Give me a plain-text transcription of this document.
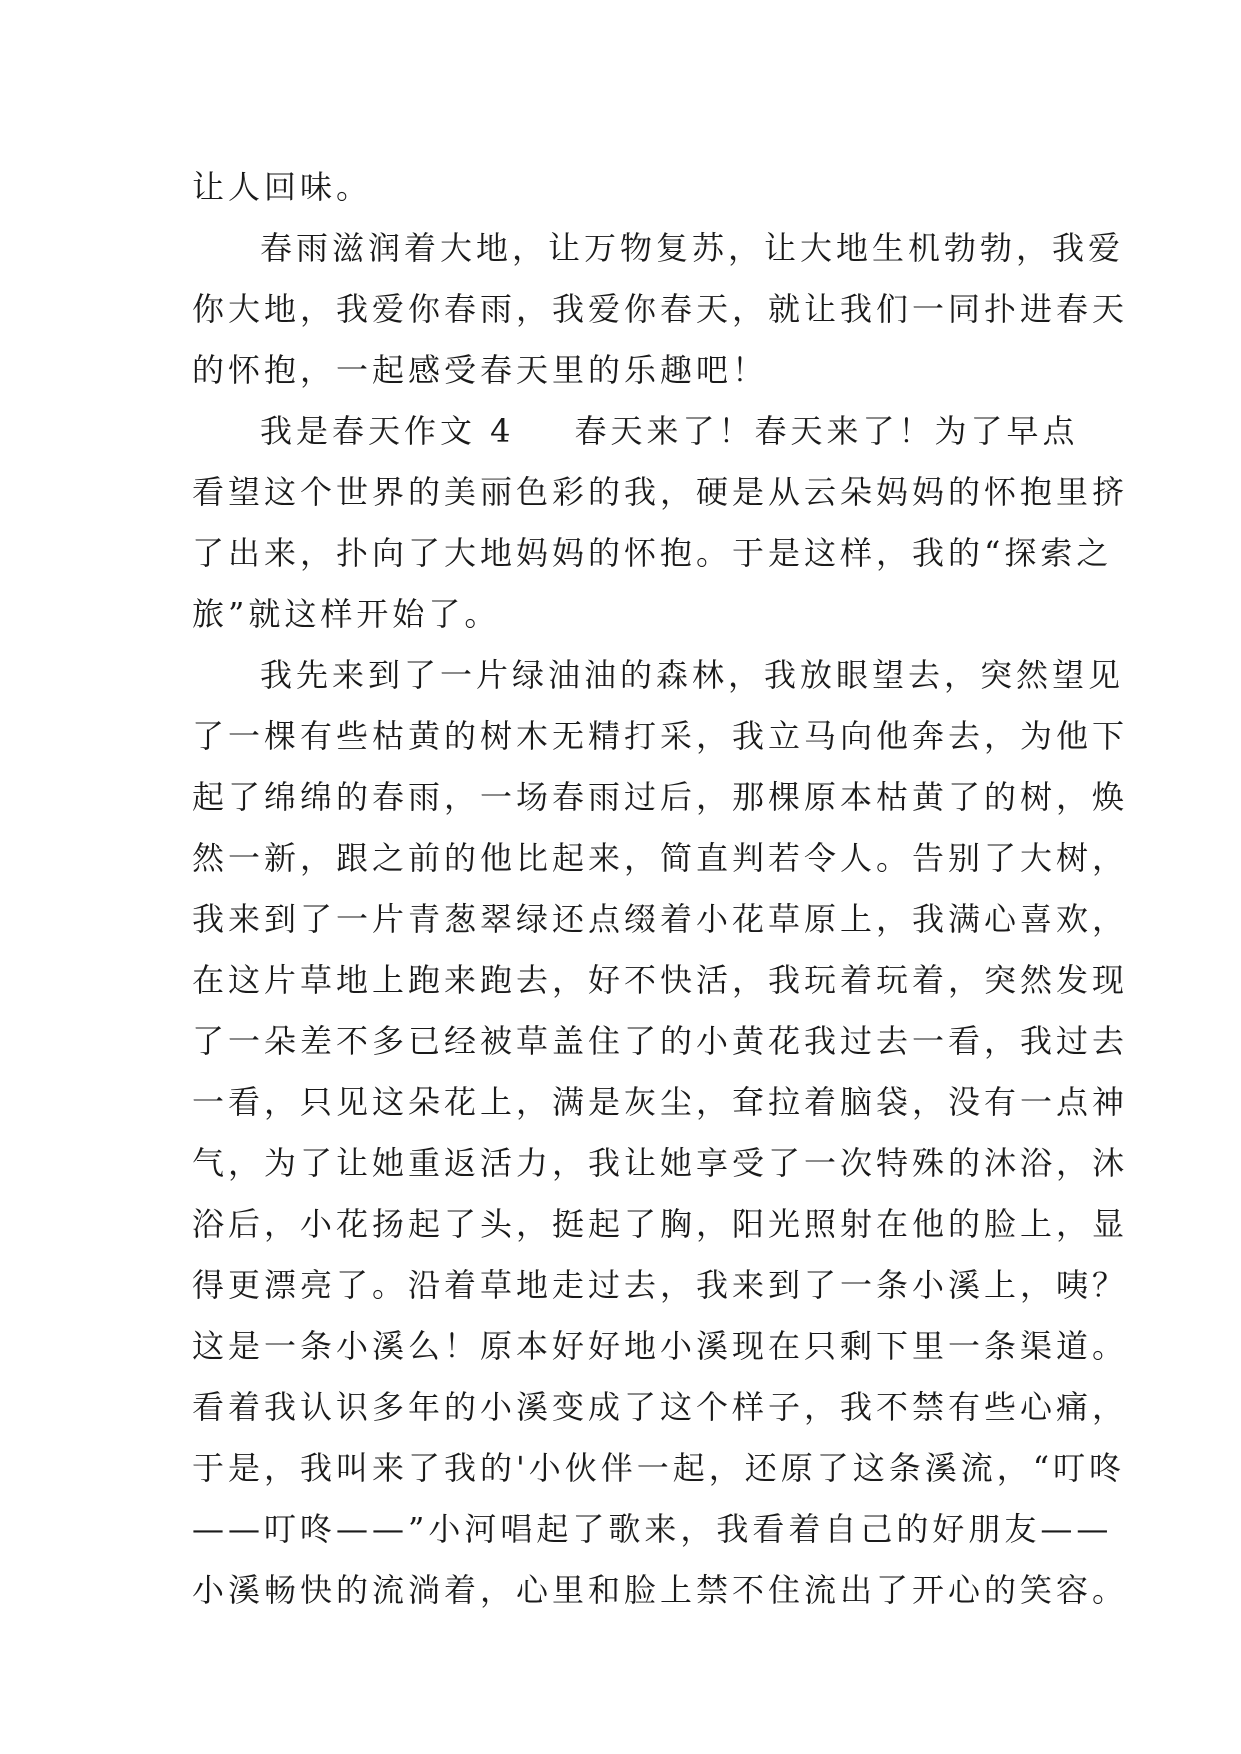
让人回味。
春雨滋润着大地，让万物复苏，让大地生机勃勃，我爱
你大地，我爱你春雨，我爱你春天，就让我们一同扑进春天
的怀抱，一起感受春天里的乐趣吧！
我是春天作文 4 春天来了！春天来了！为了早点
看望这个世界的美丽色彩的我，硬是从云朵妈妈的怀抱里挤
了出来，扑向了大地妈妈的怀抱。于是这样，我的“探索之
旅”就这样开始了。
我先来到了一片绿油油的森林，我放眼望去，突然望见
了一棵有些枯黄的树木无精打采，我立马向他奔去，为他下
起了绵绵的春雨，一场春雨过后，那棵原本枯黄了的树，焕
然一新，跟之前的他比起来，简直判若令人。告别了大树，
我来到了一片青葱翠绿还点缀着小花草原上，我满心喜欢，
在这片草地上跑来跑去，好不快活，我玩着玩着，突然发现
了一朵差不多已经被草盖住了的小黄花我过去一看，我过去
一看，只见这朵花上，满是灰尘，耷拉着脑袋，没有一点神
气，为了让她重返活力，我让她享受了一次特殊的沐浴，沐
浴后，小花扬起了头，挺起了胸，阳光照射在他的脸上，显
得更漂亮了。沿着草地走过去，我来到了一条小溪上，咦？
这是一条小溪么！原本好好地小溪现在只剩下里一条渠道。
看着我认识多年的小溪变成了这个样子，我不禁有些心痛，
于是，我叫来了我的'小伙伴一起，还原了这条溪流，“叮咚
——叮咚——”小河唱起了歌来，我看着自己的好朋友——
小溪畅快的流淌着，心里和脸上禁不住流出了开心的笑容。
